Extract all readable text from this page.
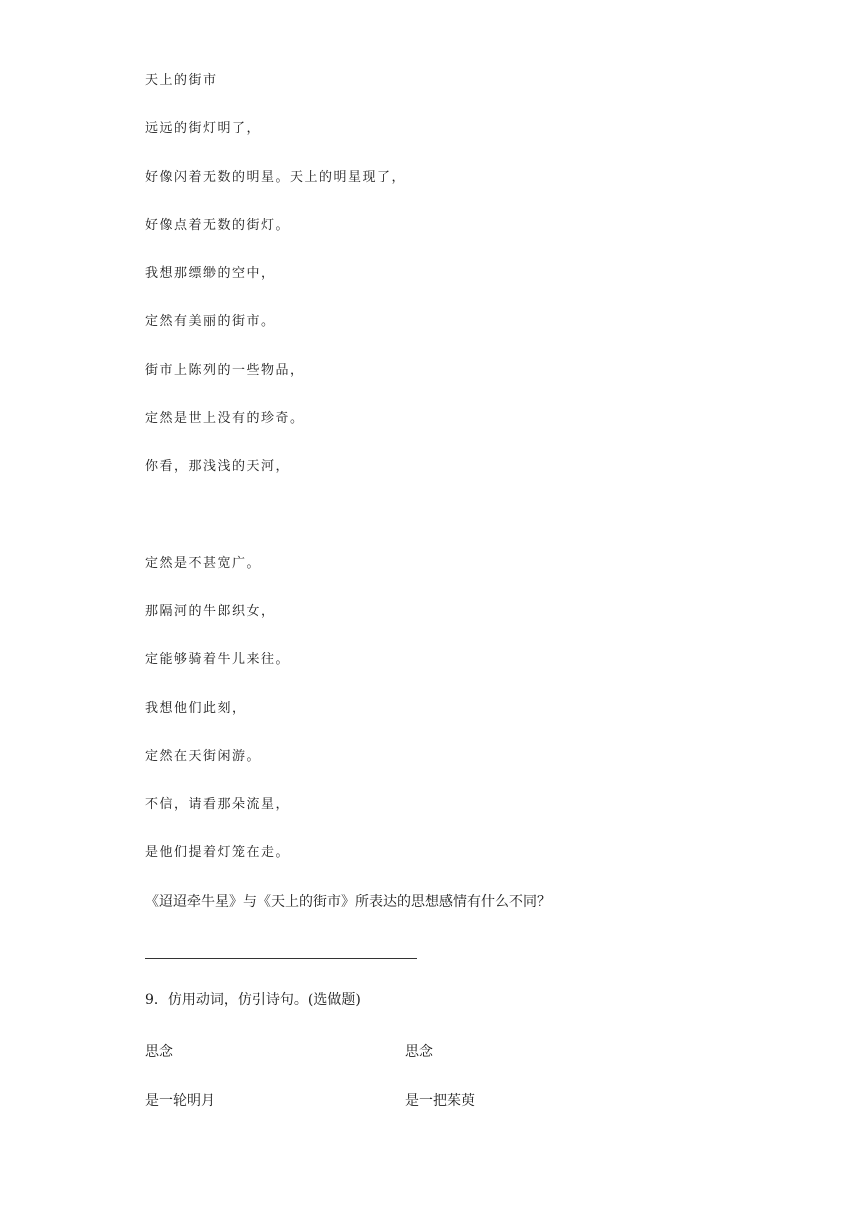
天上的街市
远远的街灯明了，
好像闪着无数的明星。天上的明星现了，
好像点着无数的街灯。
我想那缥缈的空中，
定然有美丽的街市。
街市上陈列的一些物品，
定然是世上没有的珍奇。
你看，那浅浅的天河，
定然是不甚宽广。
那隔河的牛郎织女，
定能够骑着牛儿来往。
我想他们此刻，
定然在天街闲游。
不信，请看那朵流星，
是他们提着灯笼在走。
《迢迢牵牛星》与《天上的街市》所表达的思想感情有什么不同？
9．仿用动词，仿引诗句。(选做题)
思念	思念
是一轮明月	是一把茱萸
